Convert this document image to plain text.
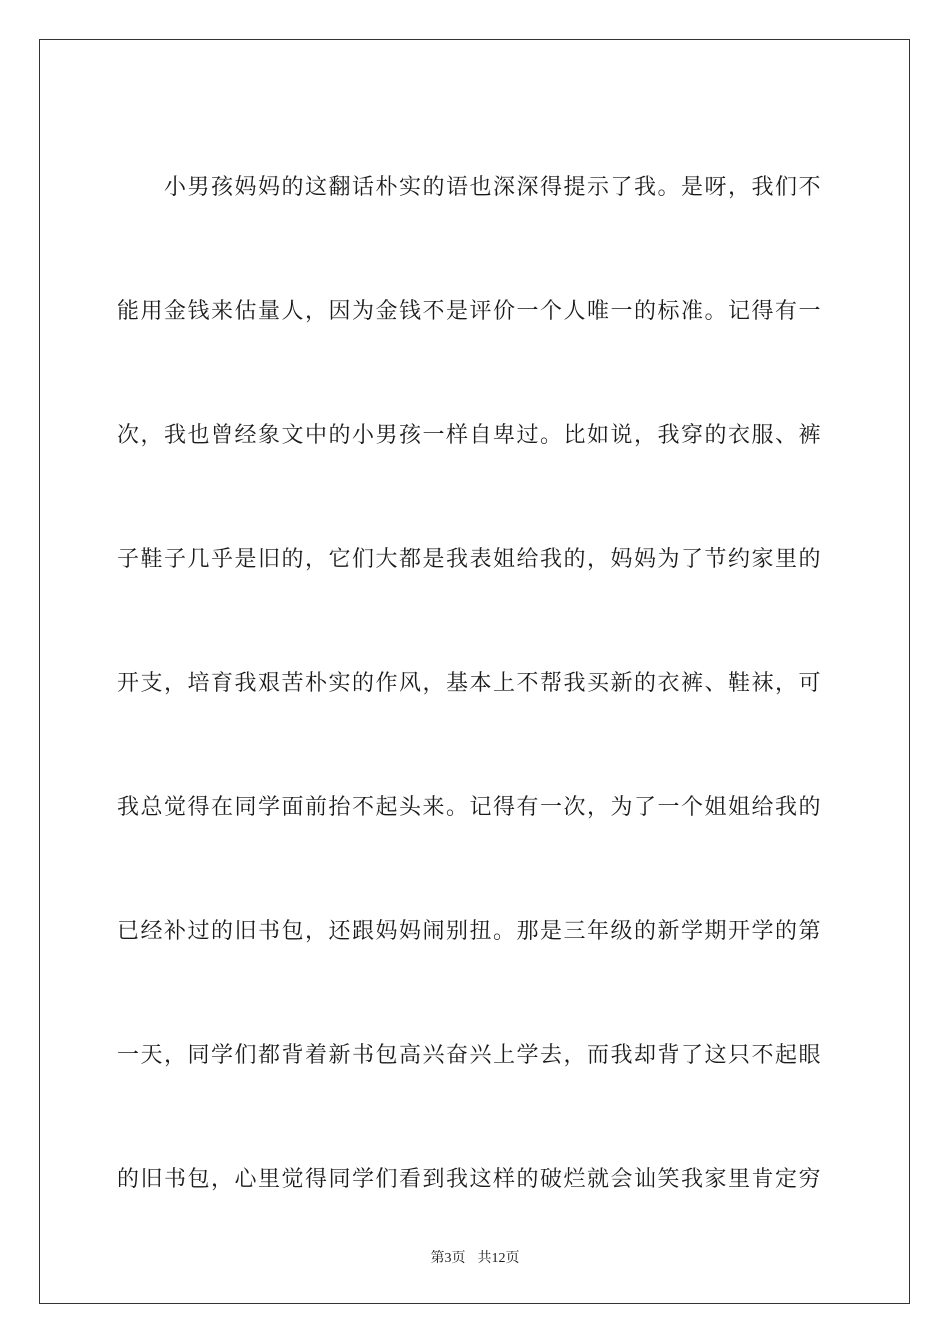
小男孩妈妈的这翻话朴实的语也深深得提示了我。是呀，我们不
能用金钱来估量人，因为金钱不是评价一个人唯一的标准。记得有一
次，我也曾经象文中的小男孩一样自卑过。比如说，我穿的衣服、裤
子鞋子几乎是旧的，它们大都是我表姐给我的，妈妈为了节约家里的
开支，培育我艰苦朴实的作风，基本上不帮我买新的衣裤、鞋袜，可
我总觉得在同学面前抬不起头来。记得有一次，为了一个姐姐给我的
已经补过的旧书包，还跟妈妈闹别扭。那是三年级的新学期开学的第
一天，同学们都背着新书包高兴奋兴上学去，而我却背了这只不起眼
的旧书包，心里觉得同学们看到我这样的破烂就会讪笑我家里肯定穷
第3页 共12页
